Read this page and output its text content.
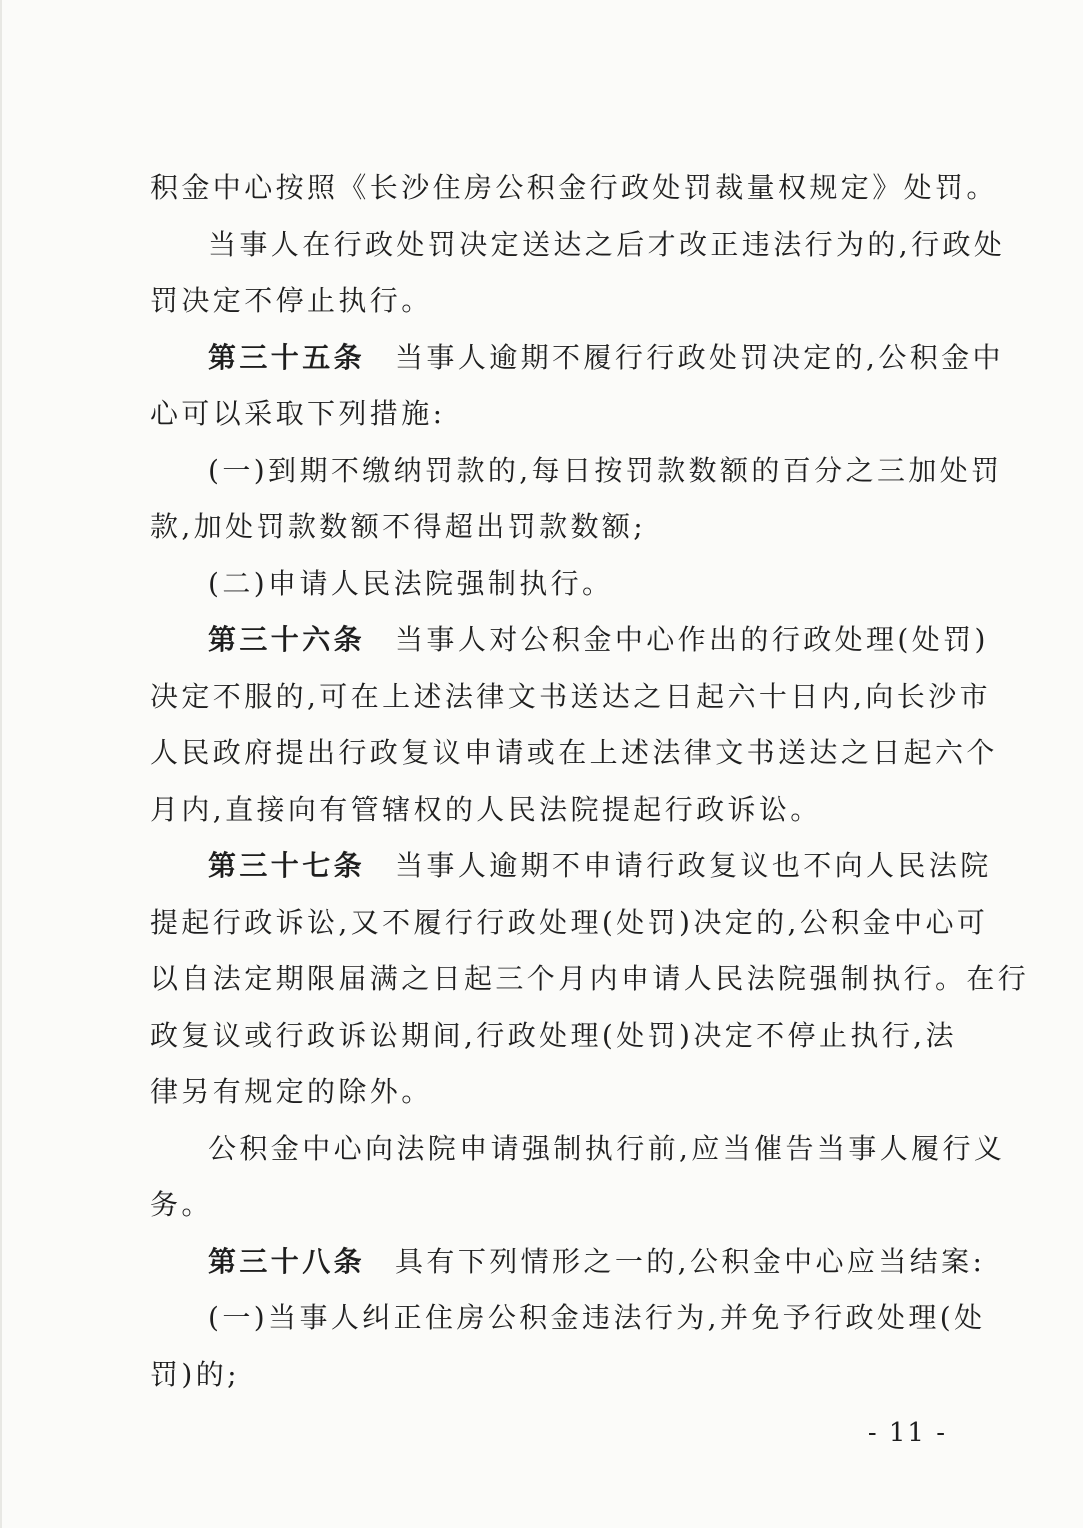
积金中心按照《长沙住房公积金行政处罚裁量权规定》处罚。
当事人在行政处罚决定送达之后才改正违法行为的,行政处
罚决定不停止执行。
第三十五条 当事人逾期不履行行政处罚决定的,公积金中
心可以采取下列措施:
(一)到期不缴纳罚款的,每日按罚款数额的百分之三加处罚
款,加处罚款数额不得超出罚款数额;
(二)申请人民法院强制执行。
第三十六条 当事人对公积金中心作出的行政处理(处罚)
决定不服的,可在上述法律文书送达之日起六十日内,向长沙市
人民政府提出行政复议申请或在上述法律文书送达之日起六个
月内,直接向有管辖权的人民法院提起行政诉讼。
第三十七条 当事人逾期不申请行政复议也不向人民法院
提起行政诉讼,又不履行行政处理(处罚)决定的,公积金中心可
以自法定期限届满之日起三个月内申请人民法院强制执行。在行
政复议或行政诉讼期间,行政处理(处罚)决定不停止执行,法
律另有规定的除外。
公积金中心向法院申请强制执行前,应当催告当事人履行义
务。
第三十八条 具有下列情形之一的,公积金中心应当结案:
(一)当事人纠正住房公积金违法行为,并免予行政处理(处
罚)的;
- 11 -
